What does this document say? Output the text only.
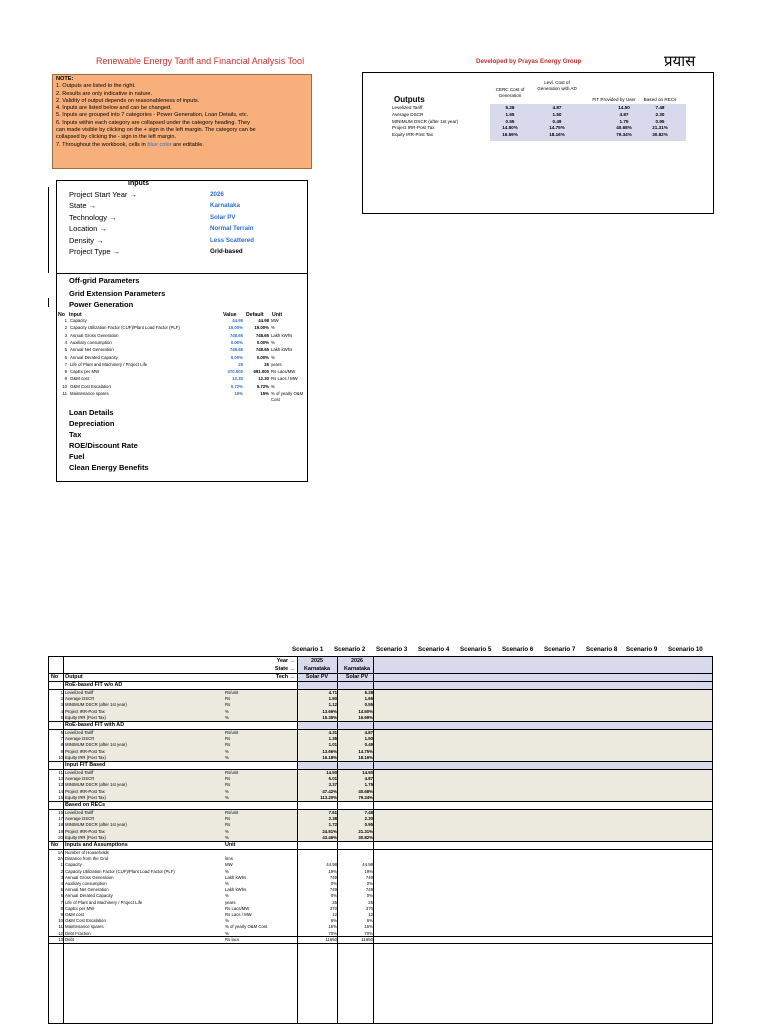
Renewable Energy Tariff and Financial Analysis Tool	Developed by Prayas Energy Group	प्रयास
NOTE:
1. Outputs are listed to the right.
2. Results are only indicative in nature.
2. Validity of output depends on reasonableness of inputs.
4. Inputs are listed below and can be changed.
5. Inputs are grouped into 7 categories - Power Generation, Loan Details, etc.
6. Inputs within each category are collapsed under the category heading. They
can made visible by clicking on the + sign in the left margin. The category can be
collapsed by clicking the - sign in the left margin.
7. Throughout the workbook, cells in blue color are editable.
Outputs
CERC Cost of Generation
Levl. Cost of Generation with AD
FIT Provided by User	Based on RECs
Levelized Tariff	5.28	4.87	14.50	7.48
Average DSCR	1.65	1.50	4.87	2.30
MINIMUM DSCR (after 1st year)	0.55	0.49	1.75	0.95
Project IRR-Post Tax	14.50%	14.75%	40.68%	21.31%
Equity IRR-Post Tax	16.69%	18.16%	79.34%	30.82%
Inputs
Project Start Year →	2026
State →	Karnataka
Technology →	Solar PV
Location →	Normal Terrain
Density →	Less Scattered
Project Type →	Grid-based
Off-grid Parameters
Grid Extension Parameters
Power Generation
No Input	Value Default Unit
1 Capacity	44.98	44.98 MW
2 Capacity Utilization Factor (CUF)/Plant Load Factor (PLF)	19.00%	19.00% %
3 Annual Gross Generation	748.65	748.65 Lakh kWhs
4 Auxiliary consumption	0.00%	0.00% %
5 Annual Net Generation	748.65	748.65 Lakh kWhs
6 Annual Derated Capacity	0.00%	0.00% %
7 Life of Plant and Machinery / Project Life	25	25 years
8 CapEx per MW	370.000	691.000 Rs Lacs/MW
9 O&M cost	12.30	12.30 Rs Lacs / MW
10 O&M Cost Escalation	5.72%	5.72% %
11 Maintenance spares	15%	15% % of yearly O&M Cost
Loan Details
Depreciation
Tax
ROE/Discount Rate
Fuel
Clean Energy Benefits
Scenario 1 Scenario 2 Scenario 3 Scenario 4 Scenario 5 Scenario 6 Scenario 7 Scenario 8 Scenario 9 Scenario 10
Year →	2025	2026
State →	Karnataka	Karnataka
Tech →
No Output	Solar PV	Solar PV
RoE-based FIT w/o AD
1 Levelized Tariff	Rs/unit	4.71	5.28
2 Average DSCR	Rs	1.50	1.65
3 MINIMUM DSCR (after 1st year)	Rs	1.12	0.55
4 Project IRR-Post Tax	%	13.66%	14.50%
5 Equity IRR (Post Tax)	%	15.35%	16.69%
RoE-based FIT with AD
6 Levelized Tariff	Rs/unit	4.31	4.87
7 Average DSCR	Rs	1.35	1.50
8 MINIMUM DSCR (after 1st year)	Rs	1.01	0.49
9 Project IRR-Post Tax	%	13.66%	14.75%
10 Equity IRR (Post Tax)	%	16.18%	18.16%
Input FIT Based
11 Levelized Tariff	Rs/unit	14.50	14.50
12 Average DSCR	Rs	5.01	4.87
13 MINIMUM DSCR (after 1st year)	Rs	3.37	1.75
14 Project IRR-Post Tax	%	47.42%	40.68%
15 Equity IRR (Post Tax)	%	113.20%	79.34%
Based on RECs
16 Levelized Tariff	Rs/unit	7.51	7.48
17 Average DSCR	Rs	2.38	2.30
18 MINIMUM DSCR (after 1st year)	Rs	1.72	0.95
19 Project IRR-Post Tax	%	24.51%	21.31%
20 Equity IRR (Post Tax)	%	43.46%	30.82%
No Inputs and Assumptions	Unit
1A Number of Households
2A Distance from the Grid	kms
1 Capacity	MW	44.98	44.98
2 Capacity Utilization Factor (CUF)/Plant Load Factor (PLF)	%	19%	19%
3 Annual Gross Generation	Lakh kWhs	749	749
4 Auxiliary consumption	%	0%	0%
5 Annual Net Generation	Lakh kWhs	749	749
6 Annual Derated Capacity	%	0%	0%
7 Life of Plant and Machinery / Project Life	years	25	25
8 CapEx per MW	Rs Lacs/MW	370	370
9 O&M cost	Rs Lacs / MW	12	12
10 O&M Cost Escalation	%	6%	6%
11 Maintenance spares	% of yearly O&M Cost	15%	15%
12 Debt Fraction	%	70%	70%
13 Debt	Rs lacs	11650	11650
